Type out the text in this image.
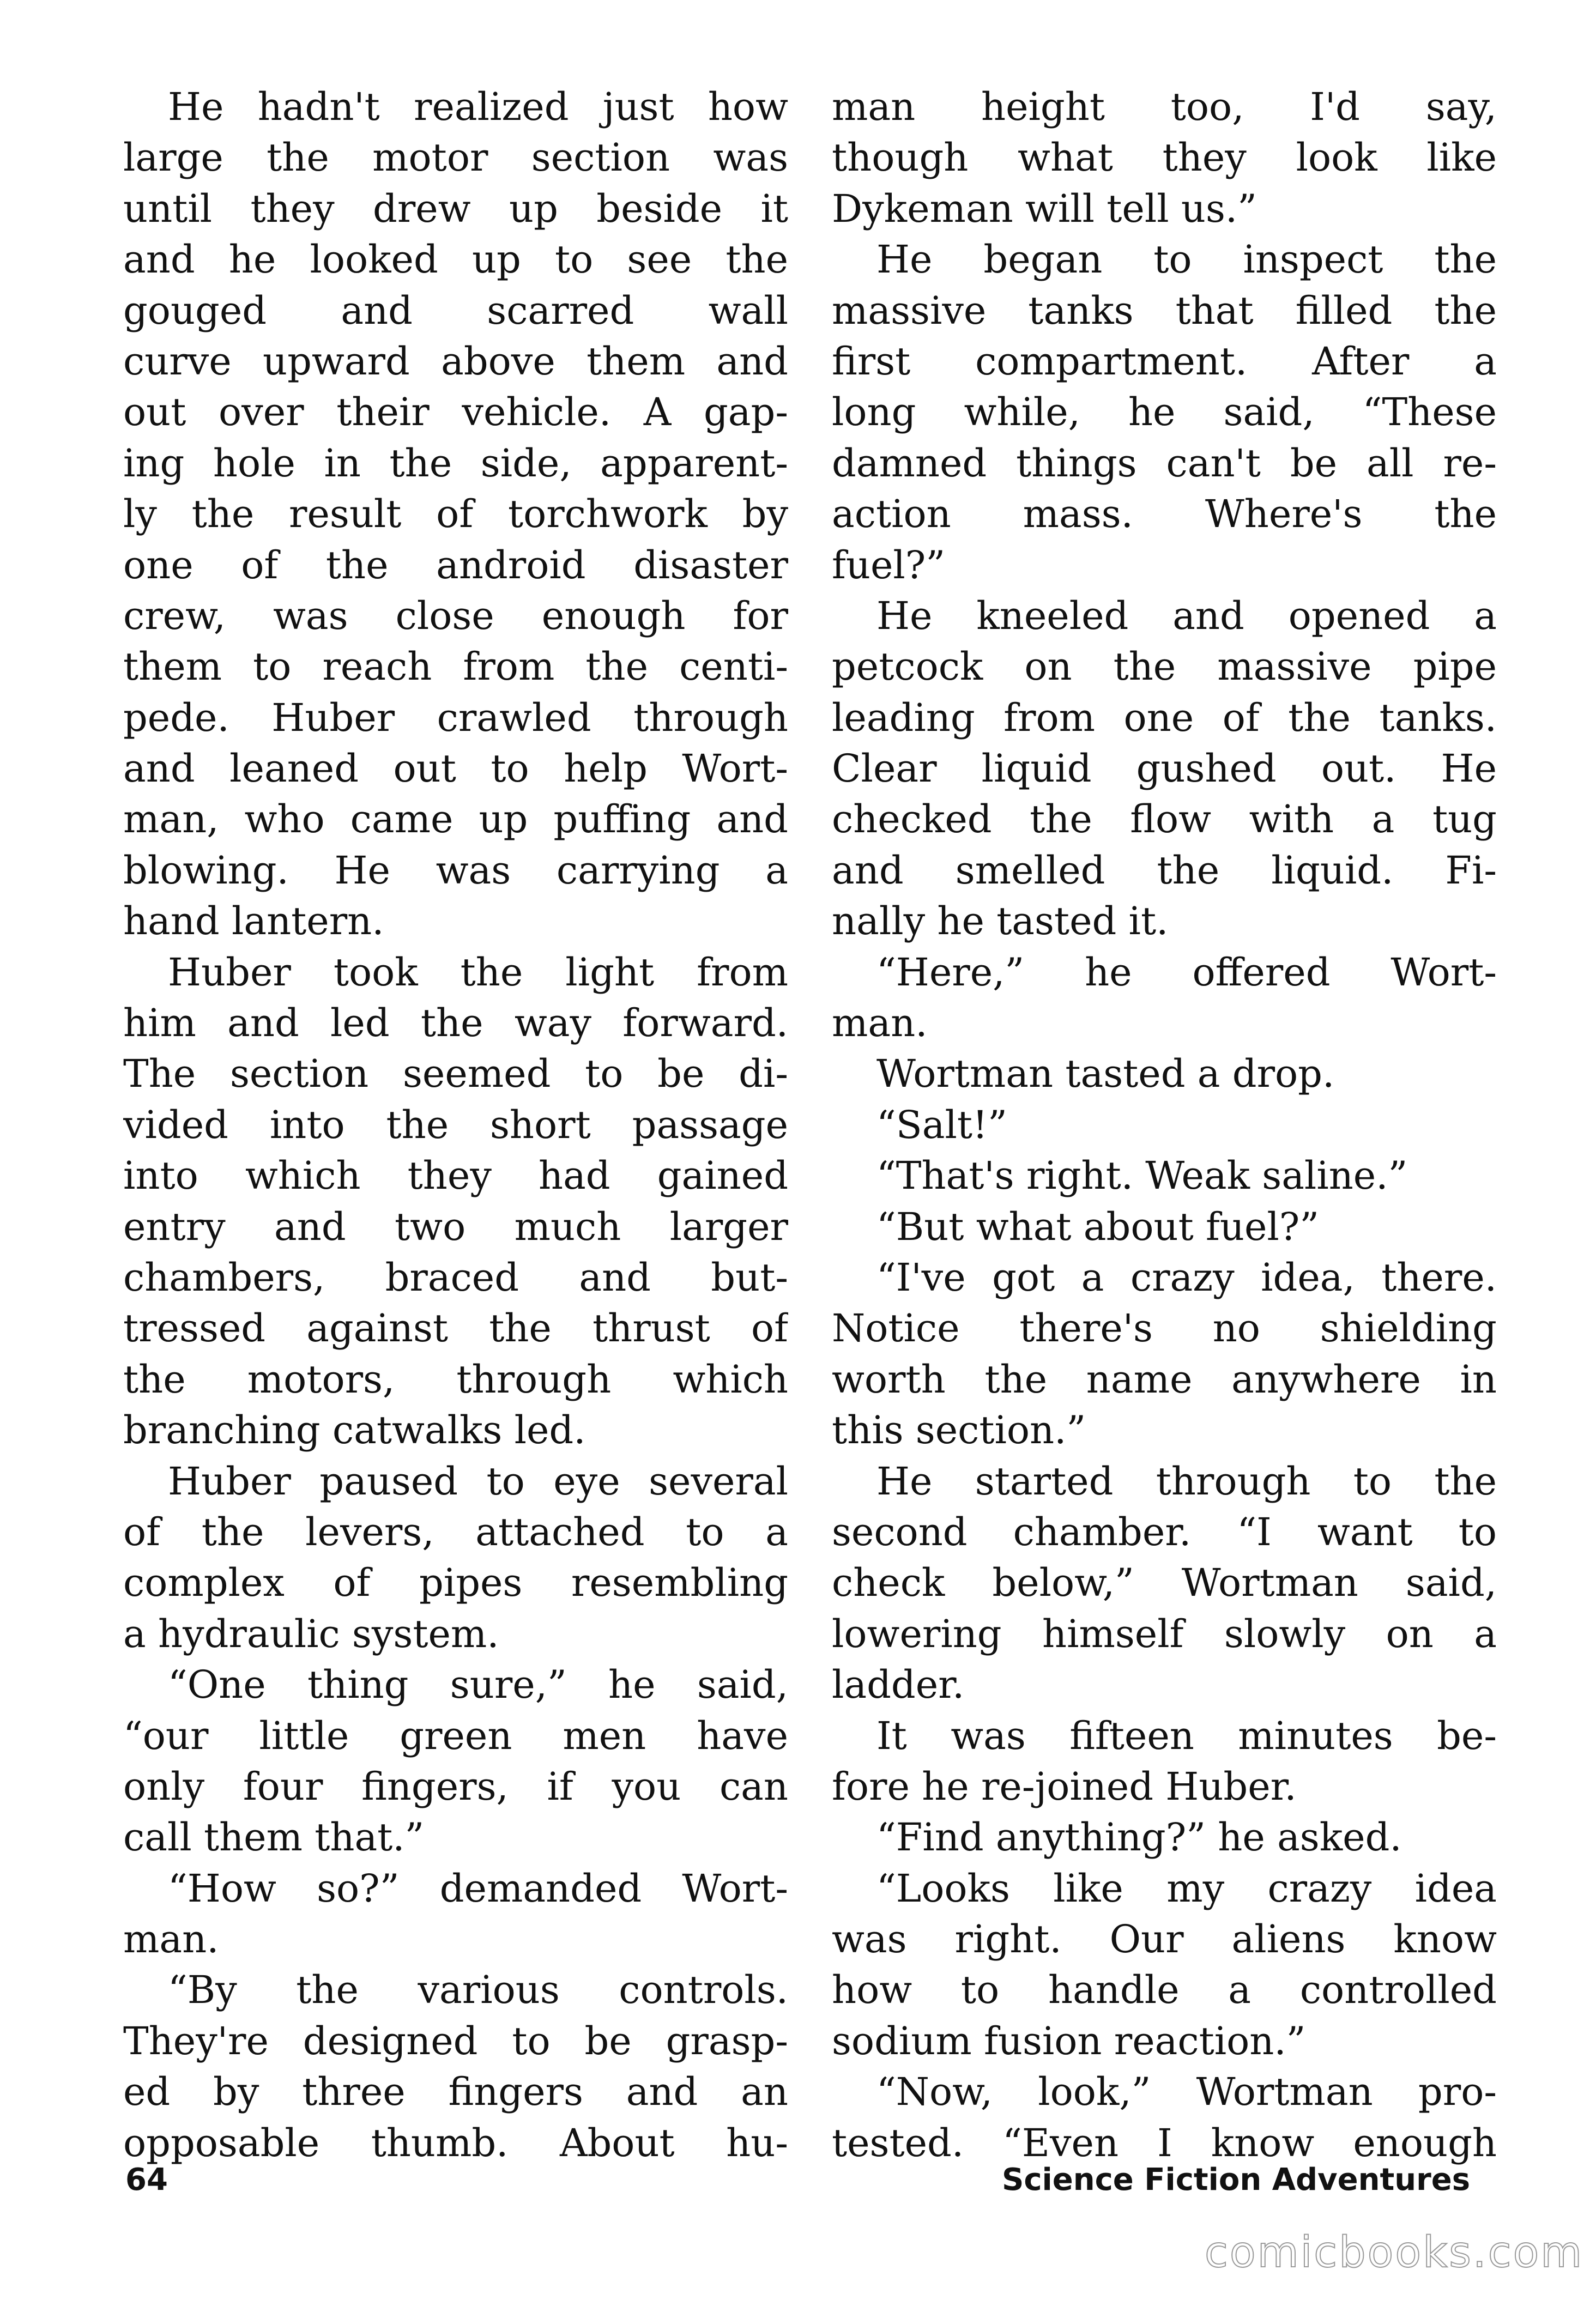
He hadn't realized just how
large the motor section was
until they drew up beside it
and he looked up to see the
gouged and scarred wall
curve upward above them and
out over their vehicle. A gap-
ing hole in the side, apparent-
ly the result of torchwork by
one of the android disaster
crew, was close enough for
them to reach from the centi-
pede. Huber crawled through
and leaned out to help Wort-
man, who came up puffing and
blowing. He was carrying a
hand lantern.
Huber took the light from
him and led the way forward.
The section seemed to be di-
vided into the short passage
into which they had gained
entry and two much larger
chambers, braced and but-
tressed against the thrust of
the motors, through which
branching catwalks led.
Huber paused to eye several
of the levers, attached to a
complex of pipes resembling
a hydraulic system.
“One thing sure,” he said,
“our little green men have
only four fingers, if you can
call them that.”
“How so?” demanded Wort-
man.
“By the various controls.
They're designed to be grasp-
ed by three fingers and an
opposable thumb. About hu-
man height too, I'd say,
though what they look like
Dykeman will tell us.”
He began to inspect the
massive tanks that filled the
first compartment. After a
long while, he said, “These
damned things can't be all re-
action mass. Where's the
fuel?”
He kneeled and opened a
petcock on the massive pipe
leading from one of the tanks.
Clear liquid gushed out. He
checked the flow with a tug
and smelled the liquid. Fi-
nally he tasted it.
“Here,” he offered Wort-
man.
Wortman tasted a drop.
“Salt!”
“That's right. Weak saline.”
“But what about fuel?”
“I've got a crazy idea, there.
Notice there's no shielding
worth the name anywhere in
this section.”
He started through to the
second chamber. “I want to
check below,” Wortman said,
lowering himself slowly on a
ladder.
It was fifteen minutes be-
fore he re-joined Huber.
“Find anything?” he asked.
“Looks like my crazy idea
was right. Our aliens know
how to handle a controlled
sodium fusion reaction.”
“Now, look,” Wortman pro-
tested. “Even I know enough
64	Science Fiction Adventures
comicbooks.com
